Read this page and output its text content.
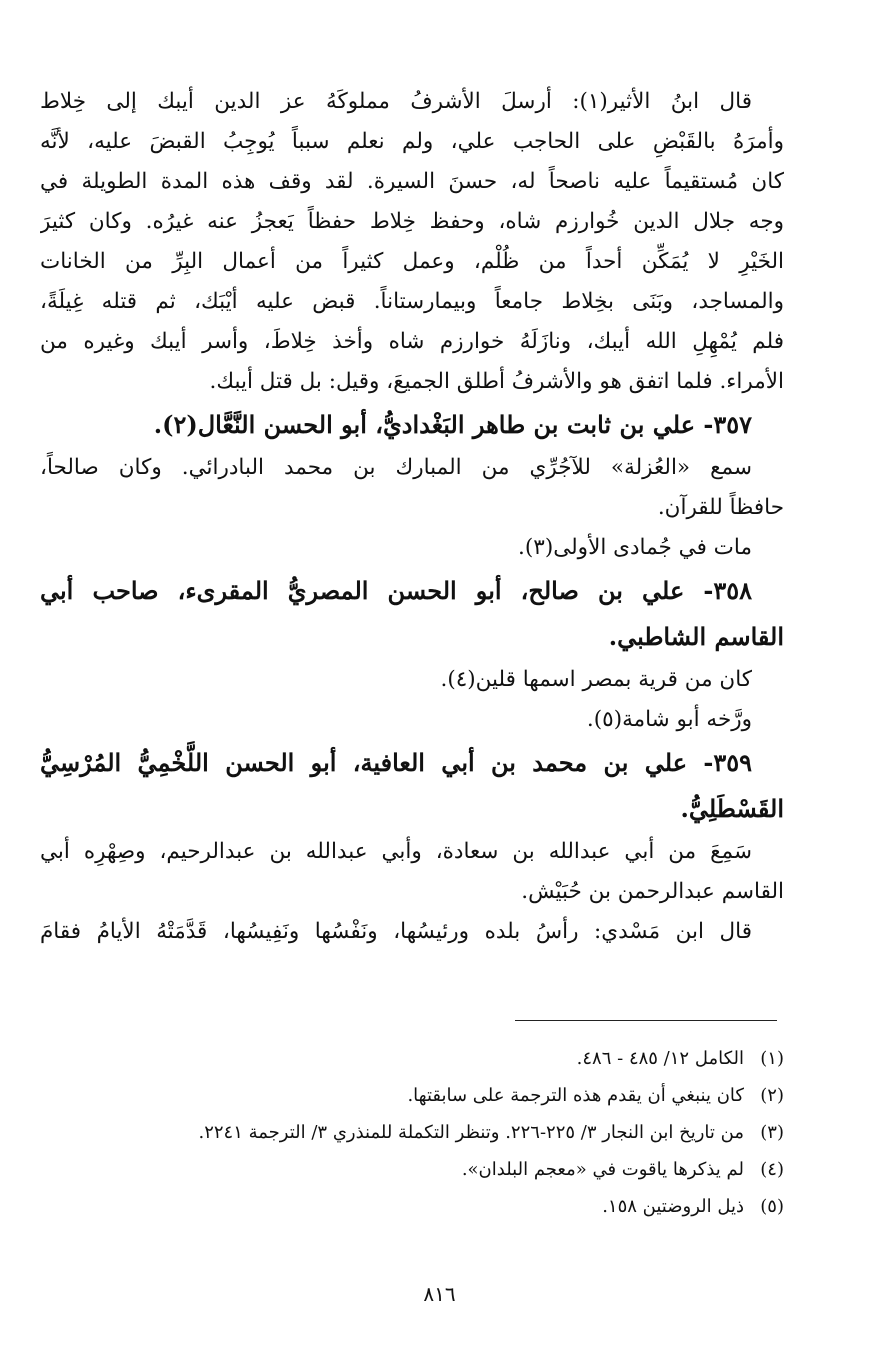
قال ابنُ الأثير(١): أرسلَ الأشرفُ مملوكَهُ عز الدين أيبك إلى خِلاط
وأمرَهُ بالقَبْضِ على الحاجب علي، ولم نعلم سبباً يُوجِبُ القبضَ عليه، لأنَّه
كان مُستقيماً عليه ناصحاً له، حسنَ السيرة. لقد وقف هذه المدة الطويلة في
وجه جلال الدين خُوارزم شاه، وحفظ خِلاط حفظاً يَعجزُ عنه غيرُه. وكان كثيرَ
الخَيْرِ لا يُمَكِّن أحداً من ظُلْم، وعمل كثيراً من أعمال البِرِّ من الخانات
والمساجد، وبَنَى بخِلاط جامعاً وبيمارستاناً. قبض عليه أيْبَك، ثم قتله غِيلَةً،
فلم يُمْهِلِ الله أيبك، ونازَلَهُ خوارزم شاه وأخذ خِلاطَ، وأسر أيبك وغيره من
الأمراء. فلما اتفق هو والأشرفُ أطلق الجميعَ، وقيل: بل قتل أيبك.
٣٥٧- علي بن ثابت بن طاهر البَغْداديُّ، أبو الحسن النَّعَّال(٢).
سمع «العُزلة» للآجُرِّي من المبارك بن محمد البادرائي. وكان صالحاً،
حافظاً للقرآن.
مات في جُمادى الأولى(٣).
٣٥٨- علي بن صالح، أبو الحسن المصريُّ المقرىء، صاحب أبي
القاسم الشاطبي.
كان من قرية بمصر اسمها قلين(٤).
ورَّخه أبو شامة(٥).
٣٥٩- علي بن محمد بن أبي العافية، أبو الحسن اللَّخْمِيُّ المُرْسِيُّ
القَسْطَلِيُّ.
سَمِعَ من أبي عبدالله بن سعادة، وأبي عبدالله بن عبدالرحيم، وصِهْرِه أبي
القاسم عبدالرحمن بن حُبَيْش.
قال ابن مَسْدي: رأسُ بلده ورئيسُها، ونَفْسُها ونَفِيسُها، قَدَّمَتْهُ الأيامُ فقامَ
(١)الكامل ١٢/ ٤٨٥ - ٤٨٦.
(٢)كان ينبغي أن يقدم هذه الترجمة على سابقتها.
(٣)من تاريخ ابن النجار ٣/ ٢٢٥-٢٢٦. وتنظر التكملة للمنذري ٣/ الترجمة ٢٢٤١.
(٤)لم يذكرها ياقوت في «معجم البلدان».
(٥)ذيل الروضتين ١٥٨.
٨١٦
